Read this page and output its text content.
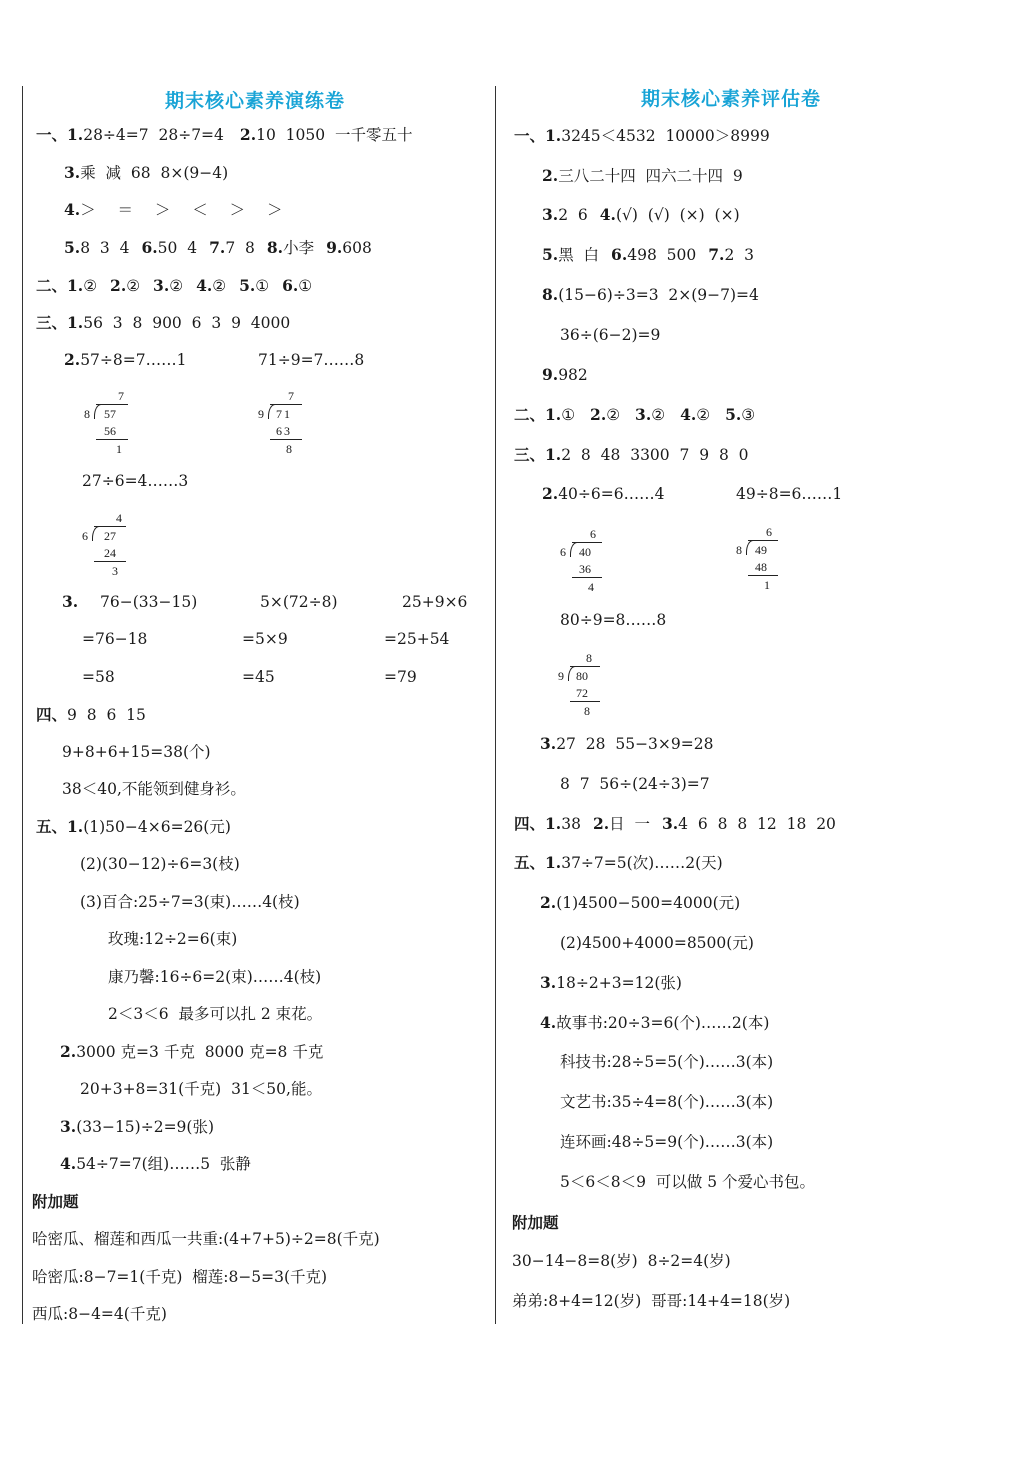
期末核心素养演练卷
一、1.28÷4=7  28÷7=4 2.10  1050  一千零五十
3.乘  减  68  8×(9−4)
4.＞  ＝  ＞  ＜  ＞  ＞
5.8  3  4 6.50  4 7.7  8 8.小李 9.608
二、1.② 2.② 3.② 4.② 5.① 6.①
三、1.56  3  8  900  6  3  9  4000
2.57÷8=7……1	71÷9=7……8
7
8 57
56
1
7
9 71
63
8
27÷6=4……3
4
6 27
24
3
3. 76−(33−15)
=76−18
=58
5×(72÷8)
=5×9
=45
25+9×6
=25+54
=79
四、9  8  6  15
9+8+6+15=38(个)
38＜40,不能领到健身衫。
五、1.(1)50−4×6=26(元)
(2)(30−12)÷6=3(枝)
(3)百合:25÷7=3(束)……4(枝)
玫瑰:12÷2=6(束)
康乃馨:16÷6=2(束)……4(枝)
2＜3＜6  最多可以扎 2 束花。
2.3000 克=3 千克  8000 克=8 千克
20+3+8=31(千克)  31＜50,能。
3.(33−15)÷2=9(张)
4.54÷7=7(组)……5  张静
附加题
哈密瓜、榴莲和西瓜一共重:(4+7+5)÷2=8(千克)
哈密瓜:8−7=1(千克)  榴莲:8−5=3(千克)
西瓜:8−4=4(千克)
期末核心素养评估卷
一、1.3245＜4532  10000＞8999
2.三八二十四  四六二十四  9
3.2  6 4.(√)  (√)  (×)  (×)
5.黑  白 6.498  500 7.2  3
8.(15−6)÷3=3  2×(9−7)=4
36÷(6−2)=9
9.982
二、1.① 2.② 3.② 4.② 5.③
三、1.2  8  48  3300  7  9  8  0
2.40÷6=6……4	49÷8=6……1
6
6 40
36
4
6
8 49
48
1
80÷9=8……8
8
9 80
72
8
3.27  28  55−3×9=28
8  7  56÷(24÷3)=7
四、1.38 2.日  一 3.4  6  8  8  12  18  20
五、1.37÷7=5(次)……2(天)
2.(1)4500−500=4000(元)
(2)4500+4000=8500(元)
3.18÷2+3=12(张)
4.故事书:20÷3=6(个)……2(本)
科技书:28÷5=5(个)……3(本)
文艺书:35÷4=8(个)……3(本)
连环画:48÷5=9(个)……3(本)
5＜6＜8＜9  可以做 5 个爱心书包。
附加题
30−14−8=8(岁)  8÷2=4(岁)
弟弟:8+4=12(岁)  哥哥:14+4=18(岁)
